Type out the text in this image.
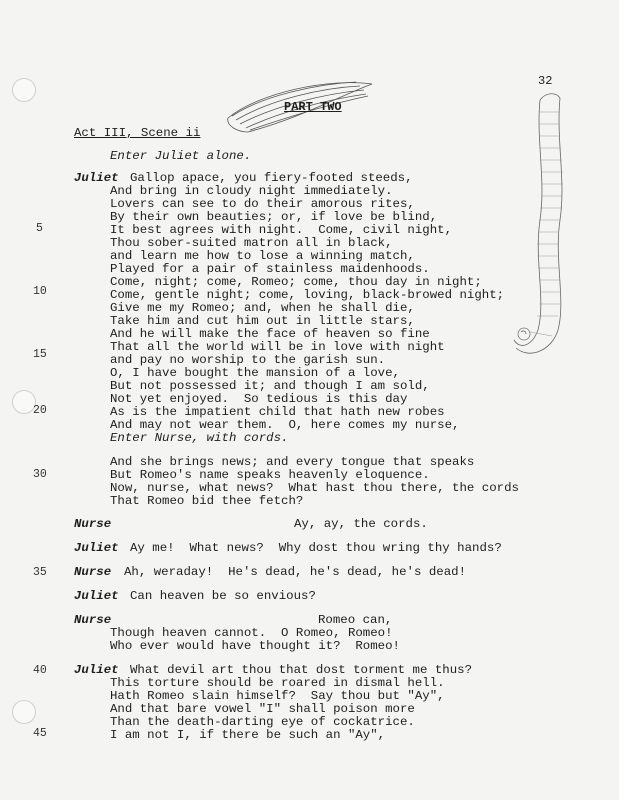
32
PART TWO
Act III, Scene ii
Enter Juliet alone.
Juliet Gallop apace, you fiery-footed steeds,
And bring in cloudy night immediately.
Lovers can see to do their amorous rites,
By their own beauties; or, if love be blind,
It best agrees with night.  Come, civil night,
Thou sober-suited matron all in black,
and learn me how to lose a winning match,
Played for a pair of stainless maidenhoods.
Come, night; come, Romeo; come, thou day in night;
Come, gentle night; come, loving, black-browed night;
Give me my Romeo; and, when he shall die,
Take him and cut him out in little stars,
And he will make the face of heaven so fine
That all the world will be in love with night
and pay no worship to the garish sun.
O, I have bought the mansion of a love,
But not possessed it; and though I am sold,
Not yet enjoyed.  So tedious is this day
As is the impatient child that hath new robes
And may not wear them.  O, here comes my nurse,
5
10
15
20
30
35
40
45
Enter Nurse, with cords.
And she brings news; and every tongue that speaks
But Romeo's name speaks heavenly eloquence.
Now, nurse, what news?  What hast thou there, the cords
That Romeo bid thee fetch?
Nurse	Ay, ay, the cords.
Juliet Ay me!  What news?  Why dost thou wring thy hands?
Nurse Ah, weraday!  He's dead, he's dead, he's dead!
Juliet Can heaven be so envious?
Nurse	Romeo can,
Though heaven cannot.  O Romeo, Romeo!
Who ever would have thought it?  Romeo!
Juliet What devil art thou that dost torment me thus?
This torture should be roared in dismal hell.
Hath Romeo slain himself?  Say thou but "Ay",
And that bare vowel "I" shall poison more
Than the death-darting eye of cockatrice.
I am not I, if there be such an "Ay",
